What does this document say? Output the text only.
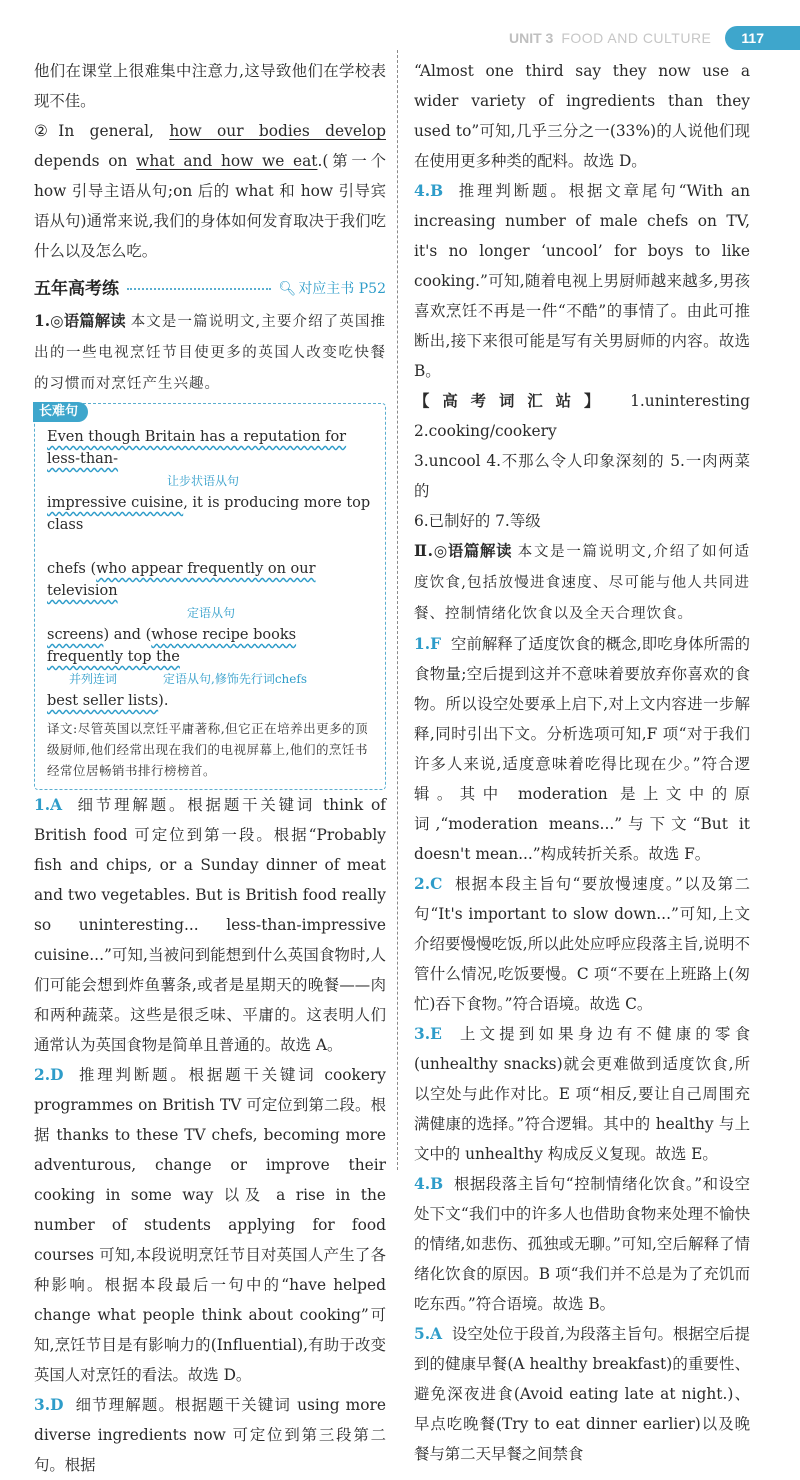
UNIT 3 FOOD AND CULTURE	117

他们在课堂上很难集中注意力,这导致他们在学校表现不佳。

②In general, how our bodies develop depends on what and how we eat.(第一个 how 引导主语从句;on 后的 what 和 how 引导宾语从句)通常来说,我们的身体如何发育取决于我们吃什么以及怎么吃。

五年高考练	🔍︎ 对应主书 P52

1.◎语篇解读 本文是一篇说明文,主要介绍了英国推出的一些电视烹饪节目使更多的英国人改变吃快餐的习惯而对烹饪产生兴趣。

长难句
Even though Britain has a reputation for less-than-
让步状语从句
impressive cuisine, it is producing more top class

chefs (who appear frequently on our television
定语从句
screens) and (whose recipe books frequently top the
并列连词	定语从句,修饰先行词chefs
best seller lists).
译文:尽管英国以烹饪平庸著称,但它正在培养出更多的顶级厨师,他们经常出现在我们的电视屏幕上,他们的烹饪书经常位居畅销书排行榜榜首。

1.A 细节理解题。根据题干关键词 think of British food 可定位到第一段。根据“Probably fish and chips, or a Sunday dinner of meat and two vegetables. But is British food really so uninteresting... less-than-impressive cuisine...”可知,当被问到能想到什么英国食物时,人们可能会想到炸鱼薯条,或者是星期天的晚餐——肉和两种蔬菜。这些是很乏味、平庸的。这表明人们通常认为英国食物是简单且普通的。故选 A。

2.D 推理判断题。根据题干关键词 cookery programmes on British TV 可定位到第二段。根据 thanks to these TV chefs, becoming more adventurous, change or improve their cooking in some way 以及 a rise in the number of students applying for food courses 可知,本段说明烹饪节目对英国人产生了各种影响。根据本段最后一句中的“have helped change what people think about cooking”可知,烹饪节目是有影响力的(Influential),有助于改变英国人对烹饪的看法。故选 D。

3.D 细节理解题。根据题干关键词 using more diverse ingredients now 可定位到第三段第二句。根据

“Almost one third say they now use a wider variety of ingredients than they used to”可知,几乎三分之一(33%)的人说他们现在使用更多种类的配料。故选 D。

4.B 推理判断题。根据文章尾句“With an increasing number of male chefs on TV, it's no longer ‘uncool’ for boys to like cooking.”可知,随着电视上男厨师越来越多,男孩喜欢烹饪不再是一件“不酷”的事情了。由此可推断出,接下来很可能是写有关男厨师的内容。故选 B。

【高考词汇站】 1.uninteresting 2.cooking/cookery

3.uncool 4.不那么令人印象深刻的 5.一肉两菜的

6.已制好的 7.等级

Ⅱ.◎语篇解读 本文是一篇说明文,介绍了如何适度饮食,包括放慢进食速度、尽可能与他人共同进餐、控制情绪化饮食以及全天合理饮食。

1.F 空前解释了适度饮食的概念,即吃身体所需的食物量;空后提到这并不意味着要放弃你喜欢的食物。所以设空处要承上启下,对上文内容进一步解释,同时引出下文。分析选项可知,F 项“对于我们许多人来说,适度意味着吃得比现在少。”符合逻辑。其中 moderation 是上文中的原词,“moderation means...”与下文“But it doesn't mean...”构成转折关系。故选 F。

2.C 根据本段主旨句“要放慢速度。”以及第二句“It's important to slow down...”可知,上文介绍要慢慢吃饭,所以此处应呼应段落主旨,说明不管什么情况,吃饭要慢。C 项“不要在上班路上(匆忙)吞下食物。”符合语境。故选 C。

3.E 上文提到如果身边有不健康的零食(unhealthy snacks)就会更难做到适度饮食,所以空处与此作对比。E 项“相反,要让自己周围充满健康的选择。”符合逻辑。其中的 healthy 与上文中的 unhealthy 构成反义复现。故选 E。

4.B 根据段落主旨句“控制情绪化饮食。”和设空处下文“我们中的许多人也借助食物来处理不愉快的情绪,如悲伤、孤独或无聊。”可知,空后解释了情绪化饮食的原因。B 项“我们并不总是为了充饥而吃东西。”符合语境。故选 B。

5.A 设空处位于段首,为段落主旨句。根据空后提到的健康早餐(A healthy breakfast)的重要性、避免深夜进食(Avoid eating late at night.)、早点吃晚餐(Try to eat dinner earlier)以及晚餐与第二天早餐之间禁食
